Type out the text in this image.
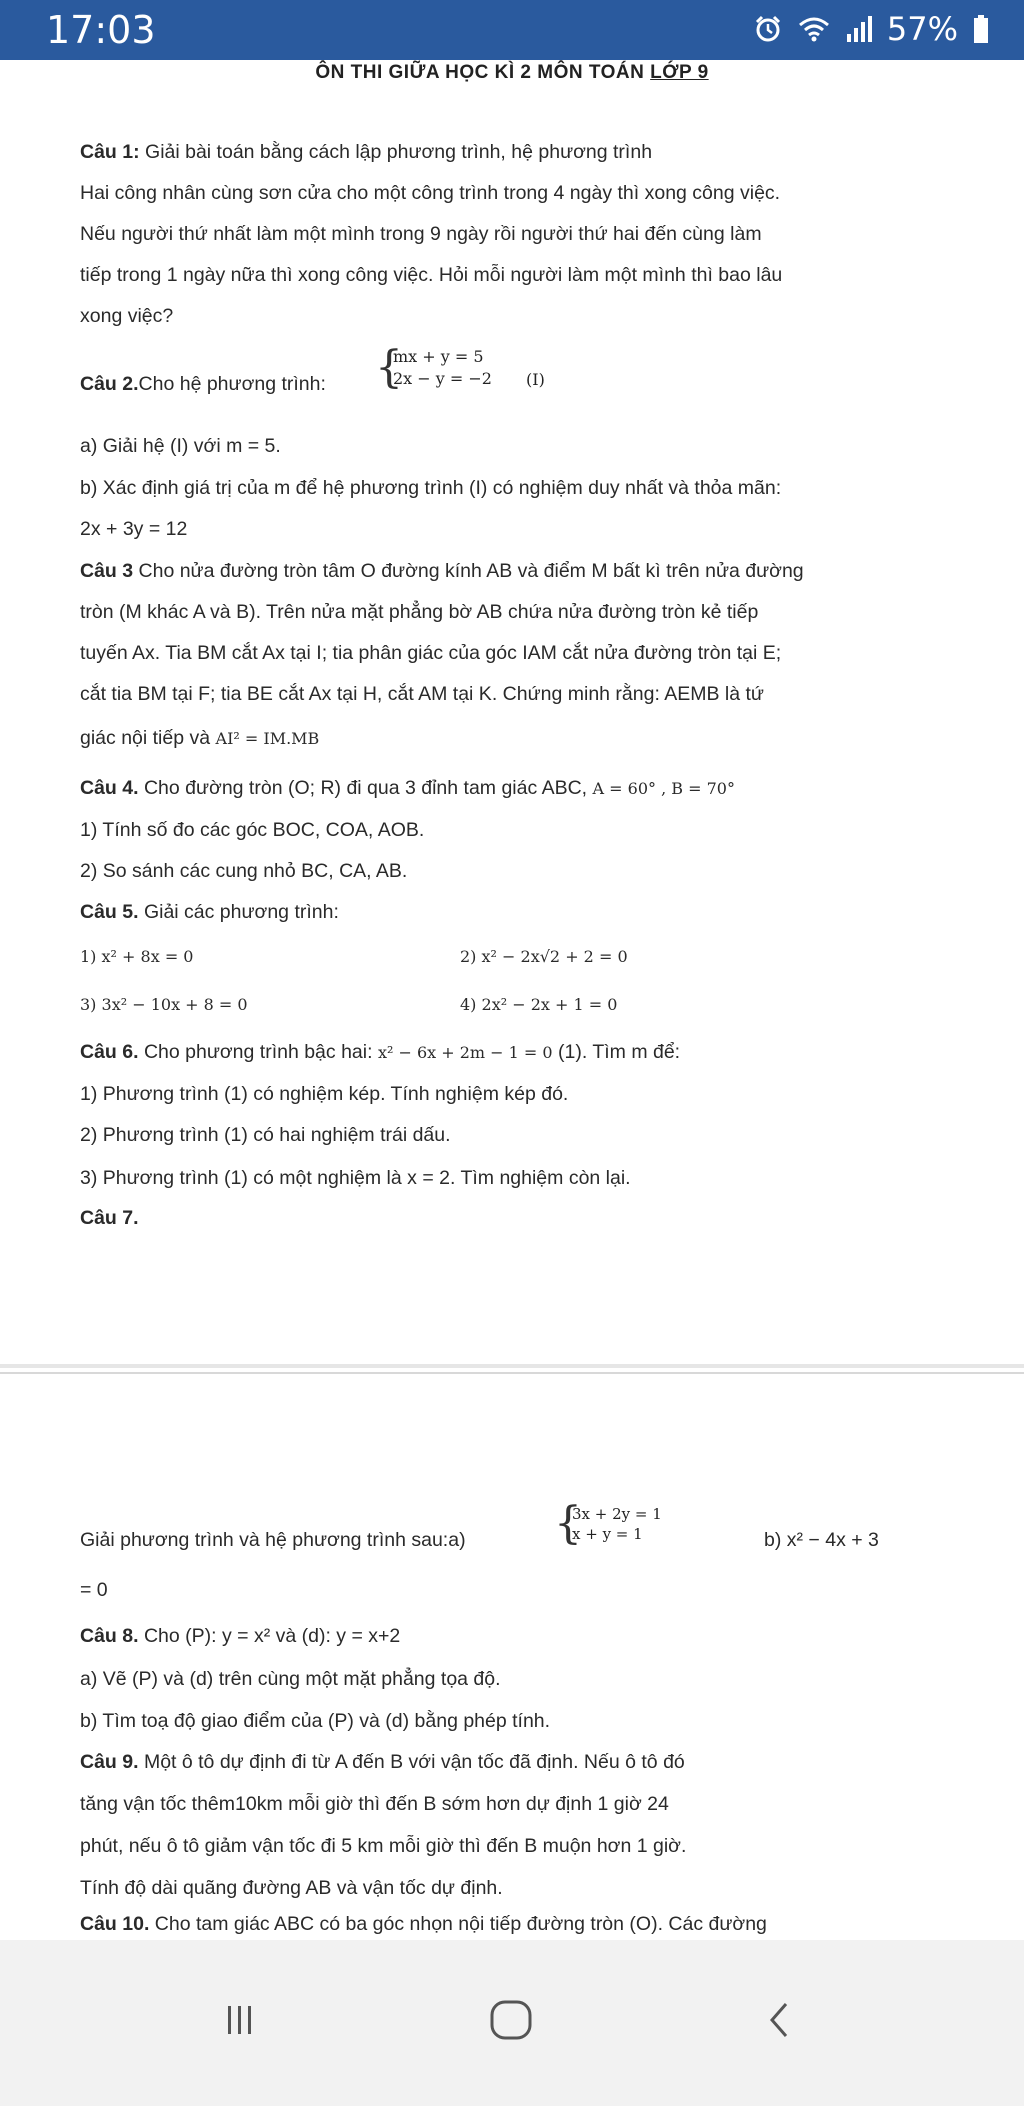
17:03	57%
ÔN THI GIỮA HỌC KÌ 2 MÔN TOÁN LỚP 9
Câu 1: Giải bài toán bằng cách lập phương trình, hệ phương trình
Hai công nhân cùng sơn cửa cho một công trình trong 4 ngày thì xong công việc.
Nếu người thứ nhất làm một mình trong 9 ngày rồi người thứ hai đến cùng làm
tiếp trong 1 ngày nữa thì xong công việc. Hỏi mỗi người làm một mình thì bao lâu
xong việc?
Câu 2.Cho hệ phương trình: {
mx + y = 5
2x − y = −2 (I)
a) Giải hệ (I) với m = 5.
b) Xác định giá trị của m để hệ phương trình (I) có nghiệm duy nhất và thỏa mãn:
2x + 3y = 12
Câu 3 Cho nửa đường tròn tâm O đường kính AB và điểm M bất kì trên nửa đường
tròn (M khác A và B). Trên nửa mặt phẳng bờ AB chứa nửa đường tròn kẻ tiếp
tuyến Ax. Tia BM cắt Ax tại I; tia phân giác của góc IAM cắt nửa đường tròn tại E;
cắt tia BM tại F; tia BE cắt Ax tại H, cắt AM tại K. Chứng minh rằng: AEMB là tứ
giác nội tiếp và AI² = IM.MB
Câu 4. Cho đường tròn (O; R) đi qua 3 đỉnh tam giác ABC, A = 60° , B = 70°
1) Tính số đo các góc BOC, COA, AOB.
2) So sánh các cung nhỏ BC, CA, AB.
Câu 5. Giải các phương trình:
1) x² + 8x = 0	2) x² − 2x√2 + 2 = 0
3) 3x² − 10x + 8 = 0	4) 2x² − 2x + 1 = 0
Câu 6. Cho phương trình bậc hai: x² − 6x + 2m − 1 = 0 (1). Tìm m để:
1) Phương trình (1) có nghiệm kép. Tính nghiệm kép đó.
2) Phương trình (1) có hai nghiệm trái dấu.
3) Phương trình (1) có một nghiệm là x = 2. Tìm nghiệm còn lại.
Câu 7.
Giải phương trình và hệ phương trình sau:a) {
3x + 2y = 1
x + y = 1	b) x² − 4x + 3
= 0
Câu 8. Cho (P): y = x² và (d): y = x+2
a) Vẽ (P) và (d) trên cùng một mặt phẳng tọa độ.
b) Tìm toạ độ giao điểm của (P) và (d) bằng phép tính.
Câu 9. Một ô tô dự định đi từ A đến B với vận tốc đã định. Nếu ô tô đó
tăng vận tốc thêm10km mỗi giờ thì đến B sớm hơn dự định 1 giờ 24
phút, nếu ô tô giảm vận tốc đi 5 km mỗi giờ thì đến B muộn hơn 1 giờ.
Tính độ dài quãng đường AB và vận tốc dự định.
Câu 10. Cho tam giác ABC có ba góc nhọn nội tiếp đường tròn (O). Các đường
